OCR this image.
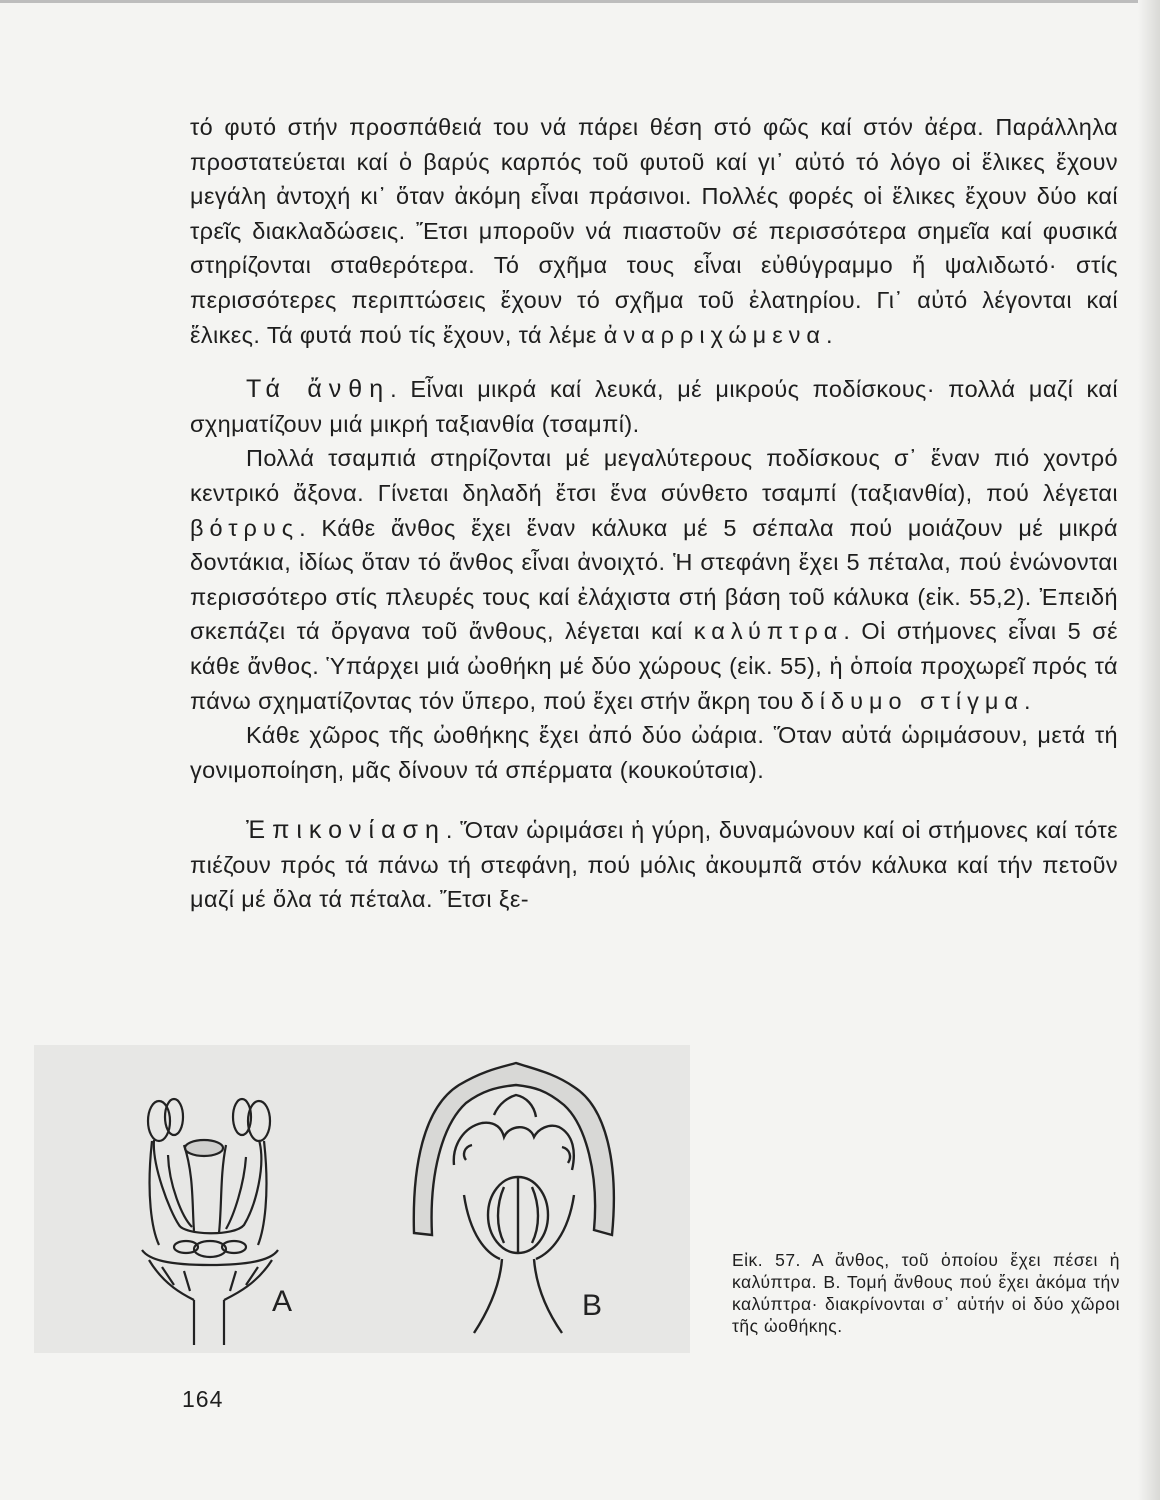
τό φυτό στήν προσπάθειά του νά πάρει θέση στό φῶς καί στόν ἀέρα. Παράλληλα προστατεύεται καί ὁ βαρύς καρπός τοῦ φυτοῦ καί γι᾽ αὐτό τό λόγο οἱ ἕλικες ἔχουν μεγάλη ἀντοχή κι᾽ ὅταν ἀκόμη εἶναι πράσινοι. Πολλές φορές οἱ ἕλικες ἔχουν δύο καί τρεῖς διακλαδώσεις. Ἔτσι μποροῦν νά πιαστοῦν σέ περισσότερα σημεῖα καί φυσικά στηρίζονται σταθερότερα. Τό σχῆμα τους εἶναι εὐθύγραμμο ἤ ψαλιδωτό· στίς περισσότερες περιπτώσεις ἔχουν τό σχῆμα τοῦ ἐλατηρίου. Γι᾽ αὐτό λέγονται καί ἕλικες. Τά φυτά πού τίς ἔχουν, τά λέμε ἀναρριχώμενα.

Τά ἄνθη. Εἶναι μικρά καί λευκά, μέ μικρούς ποδίσκους· πολλά μαζί καί σχηματίζουν μιά μικρή ταξιανθία (τσαμπί).

Πολλά τσαμπιά στηρίζονται μέ μεγαλύτερους ποδίσκους σ᾽ ἕναν πιό χοντρό κεντρικό ἄξονα. Γίνεται δηλαδή ἔτσι ἕνα σύνθετο τσαμπί (ταξιανθία), πού λέγεται βότρυς. Κάθε ἄνθος ἔχει ἕναν κάλυκα μέ 5 σέπαλα πού μοιάζουν μέ μικρά δοντάκια, ἰδίως ὅταν τό ἄνθος εἶναι ἀνοιχτό. Ἡ στεφάνη ἔχει 5 πέταλα, πού ἑνώνονται περισσότερο στίς πλευρές τους καί ἐλάχιστα στή βάση τοῦ κάλυκα (εἰκ. 55,2). Ἐπειδή σκεπάζει τά ὄργανα τοῦ ἄνθους, λέγεται καί καλύπτρα. Οἱ στήμονες εἶναι 5 σέ κάθε ἄνθος. Ὑπάρχει μιά ὠοθήκη μέ δύο χώρους (εἰκ. 55), ἡ ὁποία προχωρεῖ πρός τά πάνω σχηματίζοντας τόν ὕπερο, πού ἔχει στήν ἄκρη του δίδυμο στίγμα.

Κάθε χῶρος τῆς ὠοθήκης ἔχει ἀπό δύο ὠάρια. Ὅταν αὐτά ὡριμάσουν, μετά τή γονιμοποίηση, μᾶς δίνουν τά σπέρματα (κουκούτσια).

Ἐπικονίαση. Ὅταν ὡριμάσει ἡ γύρη, δυναμώνουν καί οἱ στήμονες καί τότε πιέζουν πρός τά πάνω τή στεφάνη, πού μόλις ἀκουμπᾶ στόν κάλυκα καί τήν πετοῦν μαζί μέ ὅλα τά πέταλα. Ἔτσι ξε-

A	B
Εἰκ. 57. Α ἄνθος, τοῦ ὁποίου ἔχει πέσει ἡ καλύπτρα. Β. Τομή ἄνθους πού ἔχει ἀκόμα τήν καλύπτρα· διακρίνονται σ᾽ αὐτήν οἱ δύο χῶροι τῆς ὠοθήκης.
164
